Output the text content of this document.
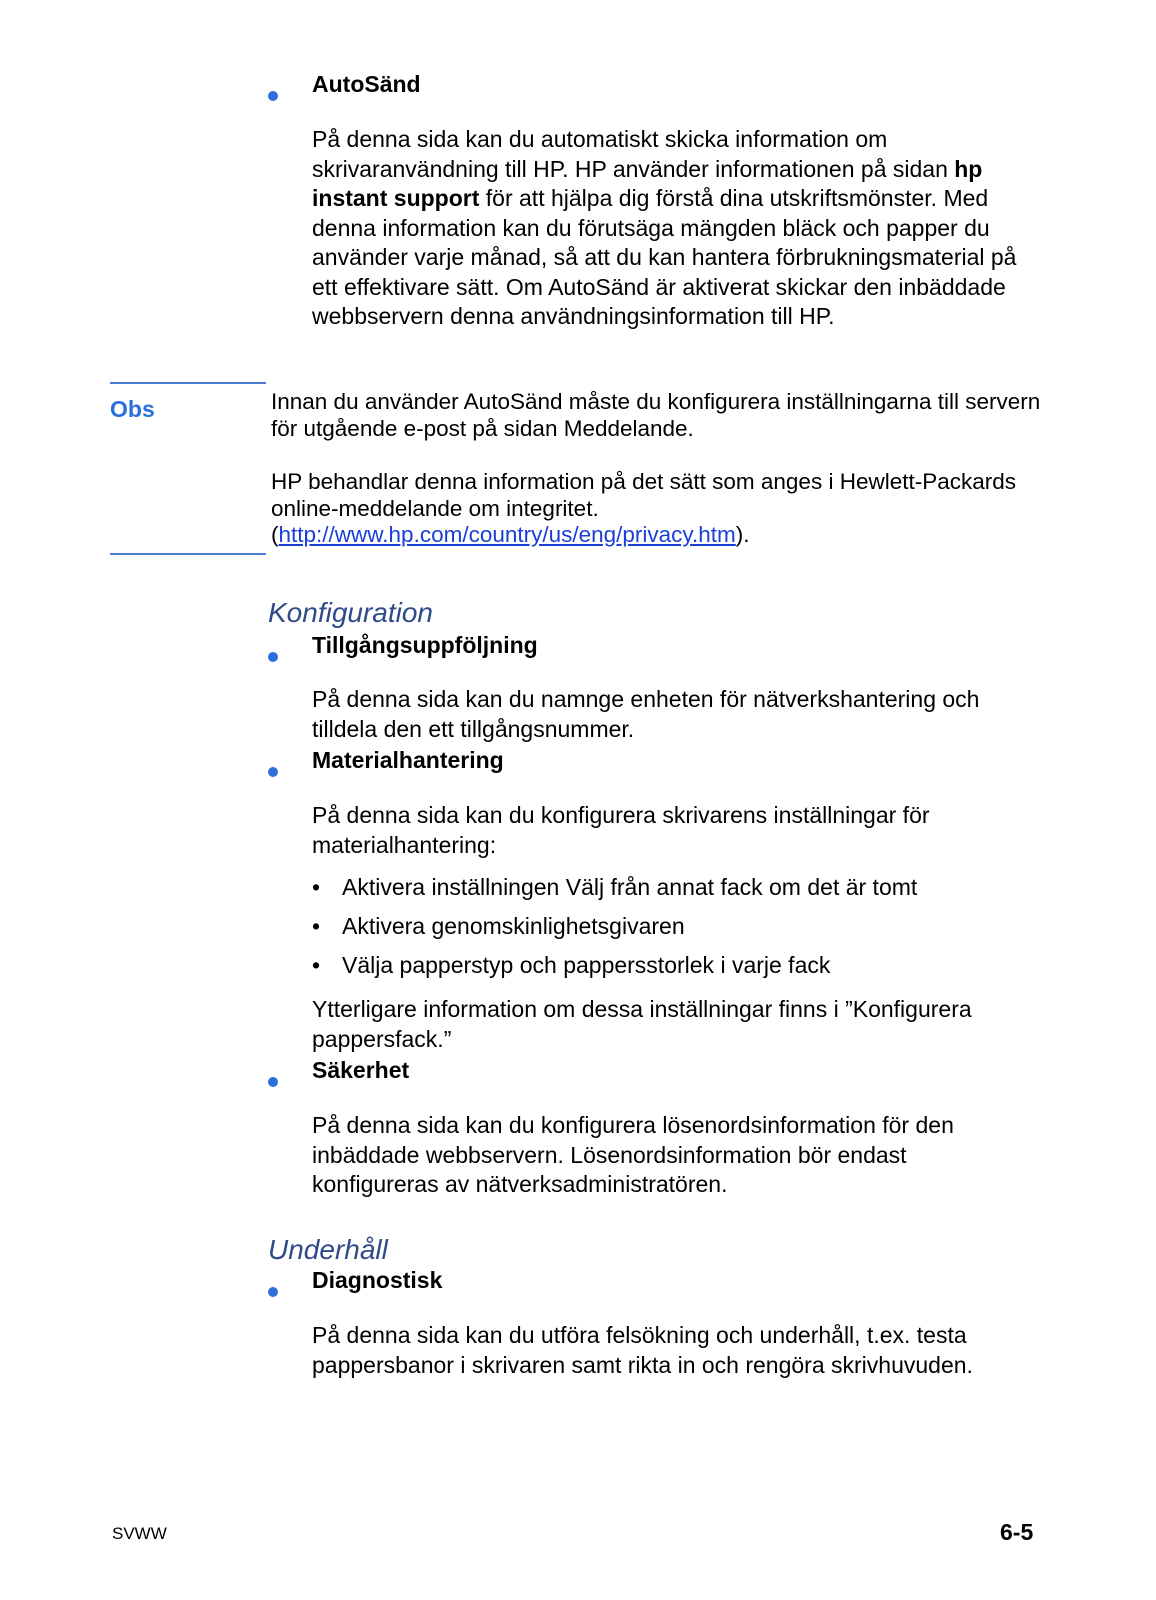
AutoSänd
På denna sida kan du automatiskt skicka information om skrivaranvändning till HP. HP använder informationen på sidan hp instant support för att hjälpa dig förstå dina utskriftsmönster. Med denna information kan du förutsäga mängden bläck och papper du använder varje månad, så att du kan hantera förbrukningsmaterial på ett effektivare sätt. Om AutoSänd är aktiverat skickar den inbäddade webbservern denna användningsinformation till HP.
Obs	Innan du använder AutoSänd måste du konfigurera inställningarna till servern för utgående e-post på sidan Meddelande.
HP behandlar denna information på det sätt som anges i Hewlett-Packards online-meddelande om integritet.
(http://www.hp.com/country/us/eng/privacy.htm).
Konfiguration
Tillgångsuppföljning
På denna sida kan du namnge enheten för nätverkshantering och tilldela den ett tillgångsnummer.
Materialhantering
På denna sida kan du konfigurera skrivarens inställningar för materialhantering:
• Aktivera inställningen Välj från annat fack om det är tomt
• Aktivera genomskinlighetsgivaren
• Välja papperstyp och pappersstorlek i varje fack
Ytterligare information om dessa inställningar finns i ”Konfigurera pappersfack.”
Säkerhet
På denna sida kan du konfigurera lösenordsinformation för den inbäddade webbservern. Lösenordsinformation bör endast konfigureras av nätverksadministratören.
Underhåll
Diagnostisk
På denna sida kan du utföra felsökning och underhåll, t.ex. testa pappersbanor i skrivaren samt rikta in och rengöra skrivhuvuden.
SVWW	6-5
